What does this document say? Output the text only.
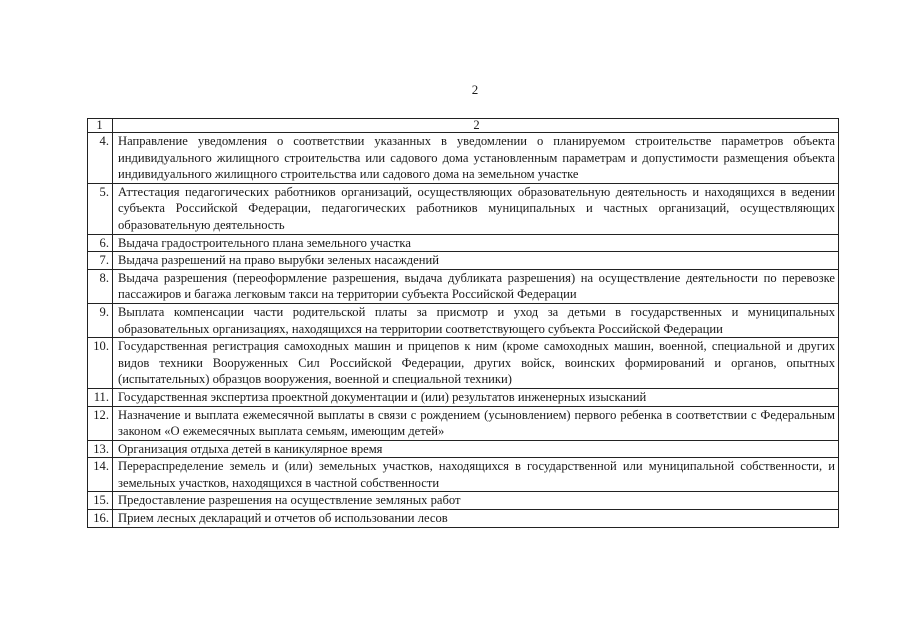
2
1	2
4.	Направление уведомления о соответствии указанных в уведомлении о планируемом строительстве параметров объекта индивидуального жилищного строительства или садового дома установленным параметрам и допустимости размещения объекта индивидуального жилищного строительства или садового дома на земельном участке
5.	Аттестация педагогических работников организаций, осуществляющих образовательную деятельность и находящихся в ведении субъекта Российской Федерации, педагогических работников муниципальных и частных организаций, осуществляющих образовательную деятельность
6.	Выдача градостроительного плана земельного участка
7.	Выдача разрешений на право вырубки зеленых насаждений
8.	Выдача разрешения (переоформление разрешения, выдача дубликата разрешения) на осуществление деятельности по перевозке пассажиров и багажа легковым такси на территории субъекта Российской Федерации
9.	Выплата компенсации части родительской платы за присмотр и уход за детьми в государственных и муниципальных образовательных организациях, находящихся на территории соответствующего субъекта Российской Федерации
10.	Государственная регистрация самоходных машин и прицепов к ним (кроме самоходных машин, военной, специальной и других видов техники Вооруженных Сил Российской Федерации, других войск, воинских формирований и органов, опытных (испытательных) образцов вооружения, военной и специальной техники)
11.	Государственная экспертиза проектной документации и (или) результатов инженерных изысканий
12.	Назначение и выплата ежемесячной выплаты в связи с рождением (усыновлением) первого ребенка в соответствии с Федеральным законом «О ежемесячных выплата семьям, имеющим детей»
13.	Организация отдыха детей в каникулярное время
14.	Перераспределение земель и (или) земельных участков, находящихся в государственной или муниципальной собственности, и земельных участков, находящихся в частной собственности
15.	Предоставление разрешения на осуществление земляных работ
16.	Прием лесных деклараций и отчетов об использовании лесов
